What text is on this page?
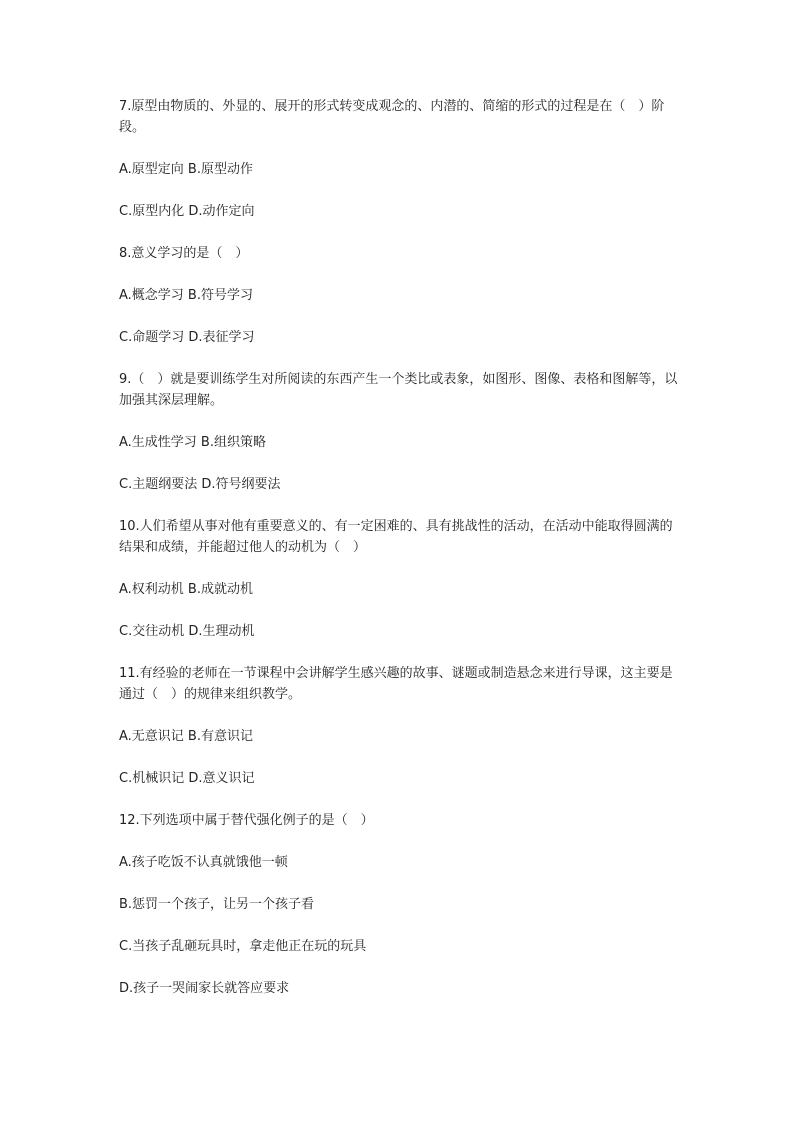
7.原型由物质的、外显的、展开的形式转变成观念的、内潜的、简缩的形式的过程是在（　）阶段。

A.原型定向 B.原型动作

C.原型内化 D.动作定向

8.意义学习的是（　）

A.概念学习 B.符号学习

C.命题学习 D.表征学习

9.（　）就是要训练学生对所阅读的东西产生一个类比或表象，如图形、图像、表格和图解等，以加强其深层理解。

A.生成性学习 B.组织策略

C.主题纲要法 D.符号纲要法

10.人们希望从事对他有重要意义的、有一定困难的、具有挑战性的活动，在活动中能取得圆满的结果和成绩，并能超过他人的动机为（　）

A.权利动机 B.成就动机

C.交往动机 D.生理动机

11.有经验的老师在一节课程中会讲解学生感兴趣的故事、谜题或制造悬念来进行导课，这主要是通过（　）的规律来组织教学。

A.无意识记 B.有意识记

C.机械识记 D.意义识记

12.下列选项中属于替代强化例子的是（　）

A.孩子吃饭不认真就饿他一顿

B.惩罚一个孩子，让另一个孩子看

C.当孩子乱砸玩具时，拿走他正在玩的玩具

D.孩子一哭闹家长就答应要求
